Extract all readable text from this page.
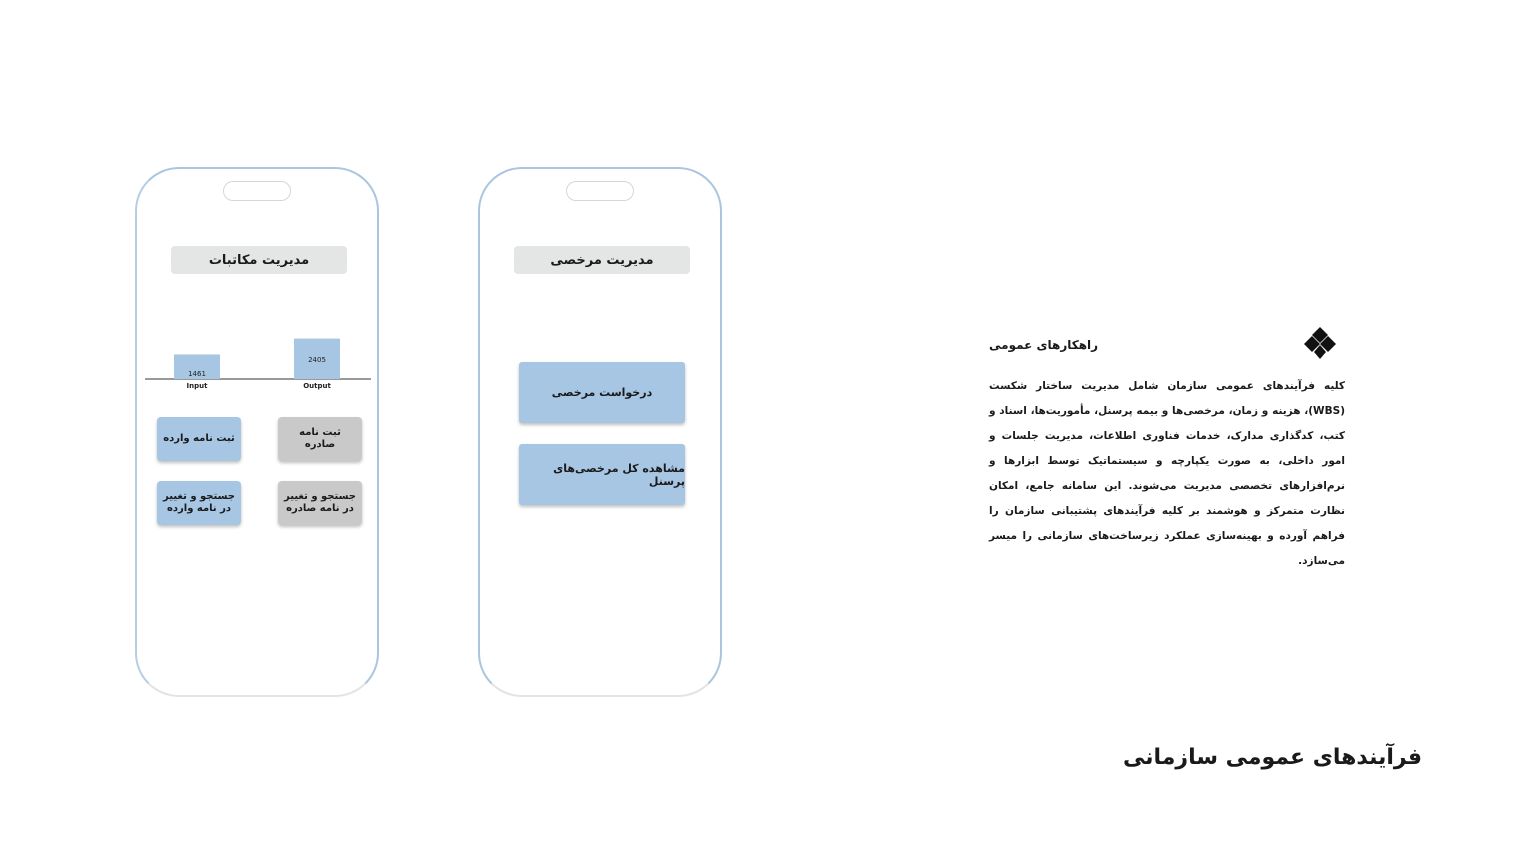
مدیریت مکاتبات
1461
Input
2405
Output
ثبت نامه صادره
ثبت نامه وارده
جستجو و تغییر در نامه صادره
جستجو و تغییر در نامه وارده
مدیریت مرخصی
درخواست مرخصی
مشاهده کل مرخصی‌های پرسنل
راهکارهای عمومی
کلیه فرآیندهای عمومی سازمان شامل مدیریت ساختار شکست (WBS)، هزینه و زمان، مرخصی‌ها و بیمه پرسنل، مأموریت‌ها، اسناد و کتب، کدگذاری مدارک، خدمات فناوری اطلاعات، مدیریت جلسات و امور داخلی، به صورت یکپارچه و سیستماتیک توسط ابزارها و نرم‌افزارهای تخصصی مدیریت می‌شوند. این سامانه جامع، امکان نظارت متمرکز و هوشمند بر کلیه فرآیندهای پشتیبانی سازمان را فراهم آورده و بهینه‌سازی عملکرد زیرساخت‌های سازمانی را میسر می‌سازد.
فرآیندهای عمومی سازمانی
